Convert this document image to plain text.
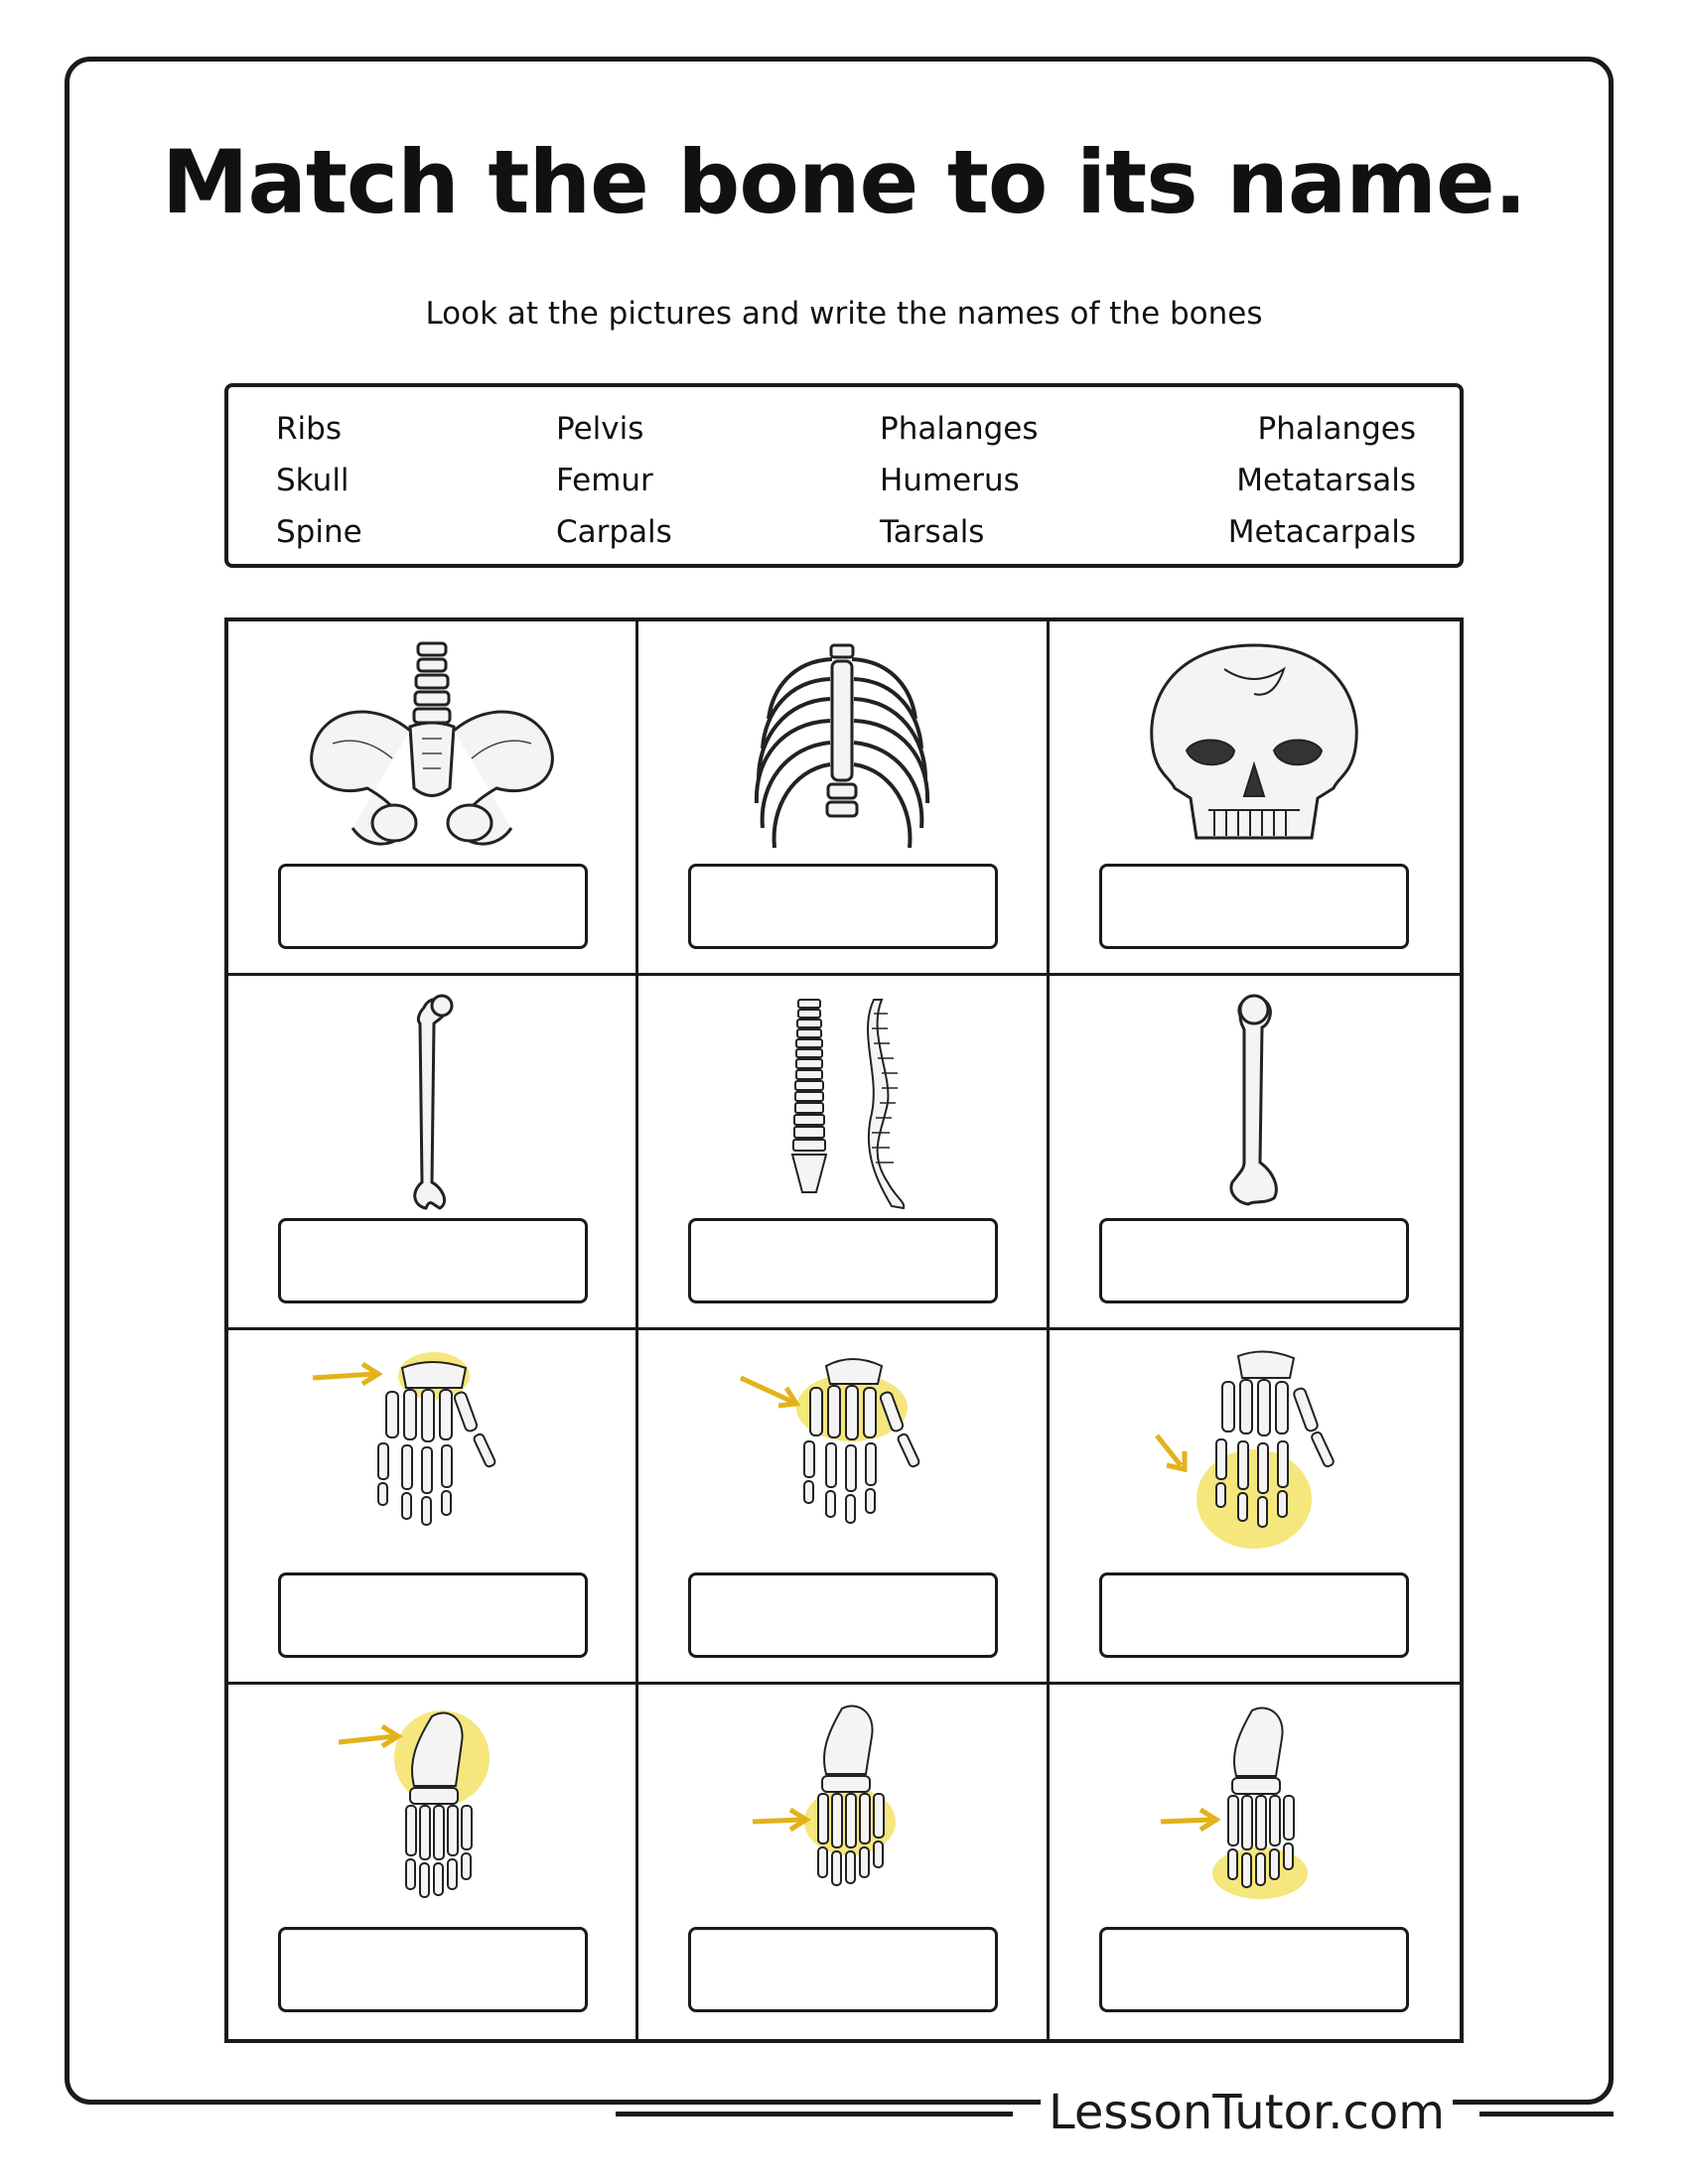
Match the bone to its name.

Look at the pictures and write the names of the bones

Ribs
Skull
Spine
Pelvis
Femur
Carpals
Phalanges
Humerus
Tarsals
Phalanges
Metatarsals
Metacarpals
LessonTutor.com
